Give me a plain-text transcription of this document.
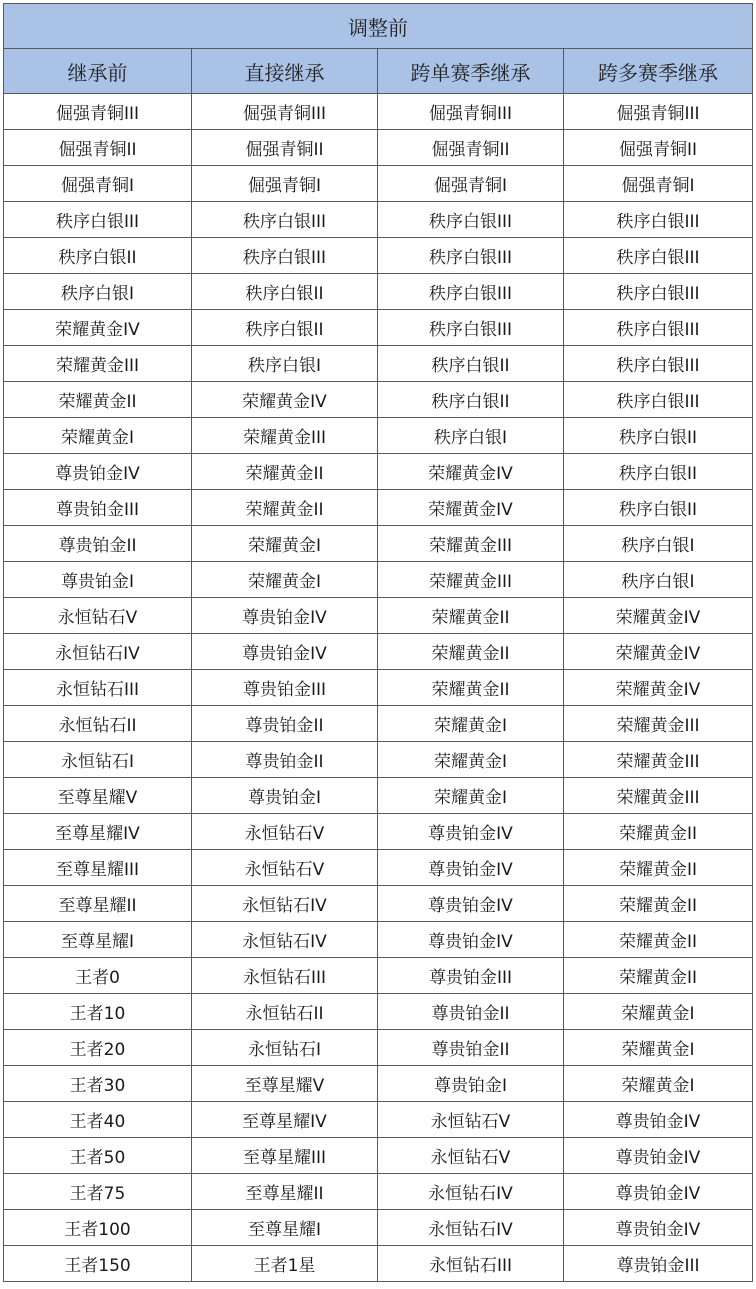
调整前			
继承前	直接继承	跨单赛季继承	跨多赛季继承
倔强青铜III	倔强青铜III	倔强青铜III	倔强青铜III
倔强青铜II	倔强青铜II	倔强青铜II	倔强青铜II
倔强青铜I	倔强青铜I	倔强青铜I	倔强青铜I
秩序白银III	秩序白银III	秩序白银III	秩序白银III
秩序白银II	秩序白银III	秩序白银III	秩序白银III
秩序白银I	秩序白银II	秩序白银III	秩序白银III
荣耀黄金IV	秩序白银II	秩序白银III	秩序白银III
荣耀黄金III	秩序白银I	秩序白银II	秩序白银III
荣耀黄金II	荣耀黄金IV	秩序白银II	秩序白银III
荣耀黄金I	荣耀黄金III	秩序白银I	秩序白银II
尊贵铂金IV	荣耀黄金II	荣耀黄金IV	秩序白银II
尊贵铂金III	荣耀黄金II	荣耀黄金IV	秩序白银II
尊贵铂金II	荣耀黄金I	荣耀黄金III	秩序白银I
尊贵铂金I	荣耀黄金I	荣耀黄金III	秩序白银I
永恒钻石V	尊贵铂金IV	荣耀黄金II	荣耀黄金IV
永恒钻石IV	尊贵铂金IV	荣耀黄金II	荣耀黄金IV
永恒钻石III	尊贵铂金III	荣耀黄金II	荣耀黄金IV
永恒钻石II	尊贵铂金II	荣耀黄金I	荣耀黄金III
永恒钻石I	尊贵铂金II	荣耀黄金I	荣耀黄金III
至尊星耀V	尊贵铂金I	荣耀黄金I	荣耀黄金III
至尊星耀IV	永恒钻石V	尊贵铂金IV	荣耀黄金II
至尊星耀III	永恒钻石V	尊贵铂金IV	荣耀黄金II
至尊星耀II	永恒钻石IV	尊贵铂金IV	荣耀黄金II
至尊星耀I	永恒钻石IV	尊贵铂金IV	荣耀黄金II
王者0	永恒钻石III	尊贵铂金III	荣耀黄金II
王者10	永恒钻石II	尊贵铂金II	荣耀黄金I
王者20	永恒钻石I	尊贵铂金II	荣耀黄金I
王者30	至尊星耀V	尊贵铂金I	荣耀黄金I
王者40	至尊星耀IV	永恒钻石V	尊贵铂金IV
王者50	至尊星耀III	永恒钻石V	尊贵铂金IV
王者75	至尊星耀II	永恒钻石IV	尊贵铂金IV
王者100	至尊星耀I	永恒钻石IV	尊贵铂金IV
王者150	王者1星	永恒钻石III	尊贵铂金III
